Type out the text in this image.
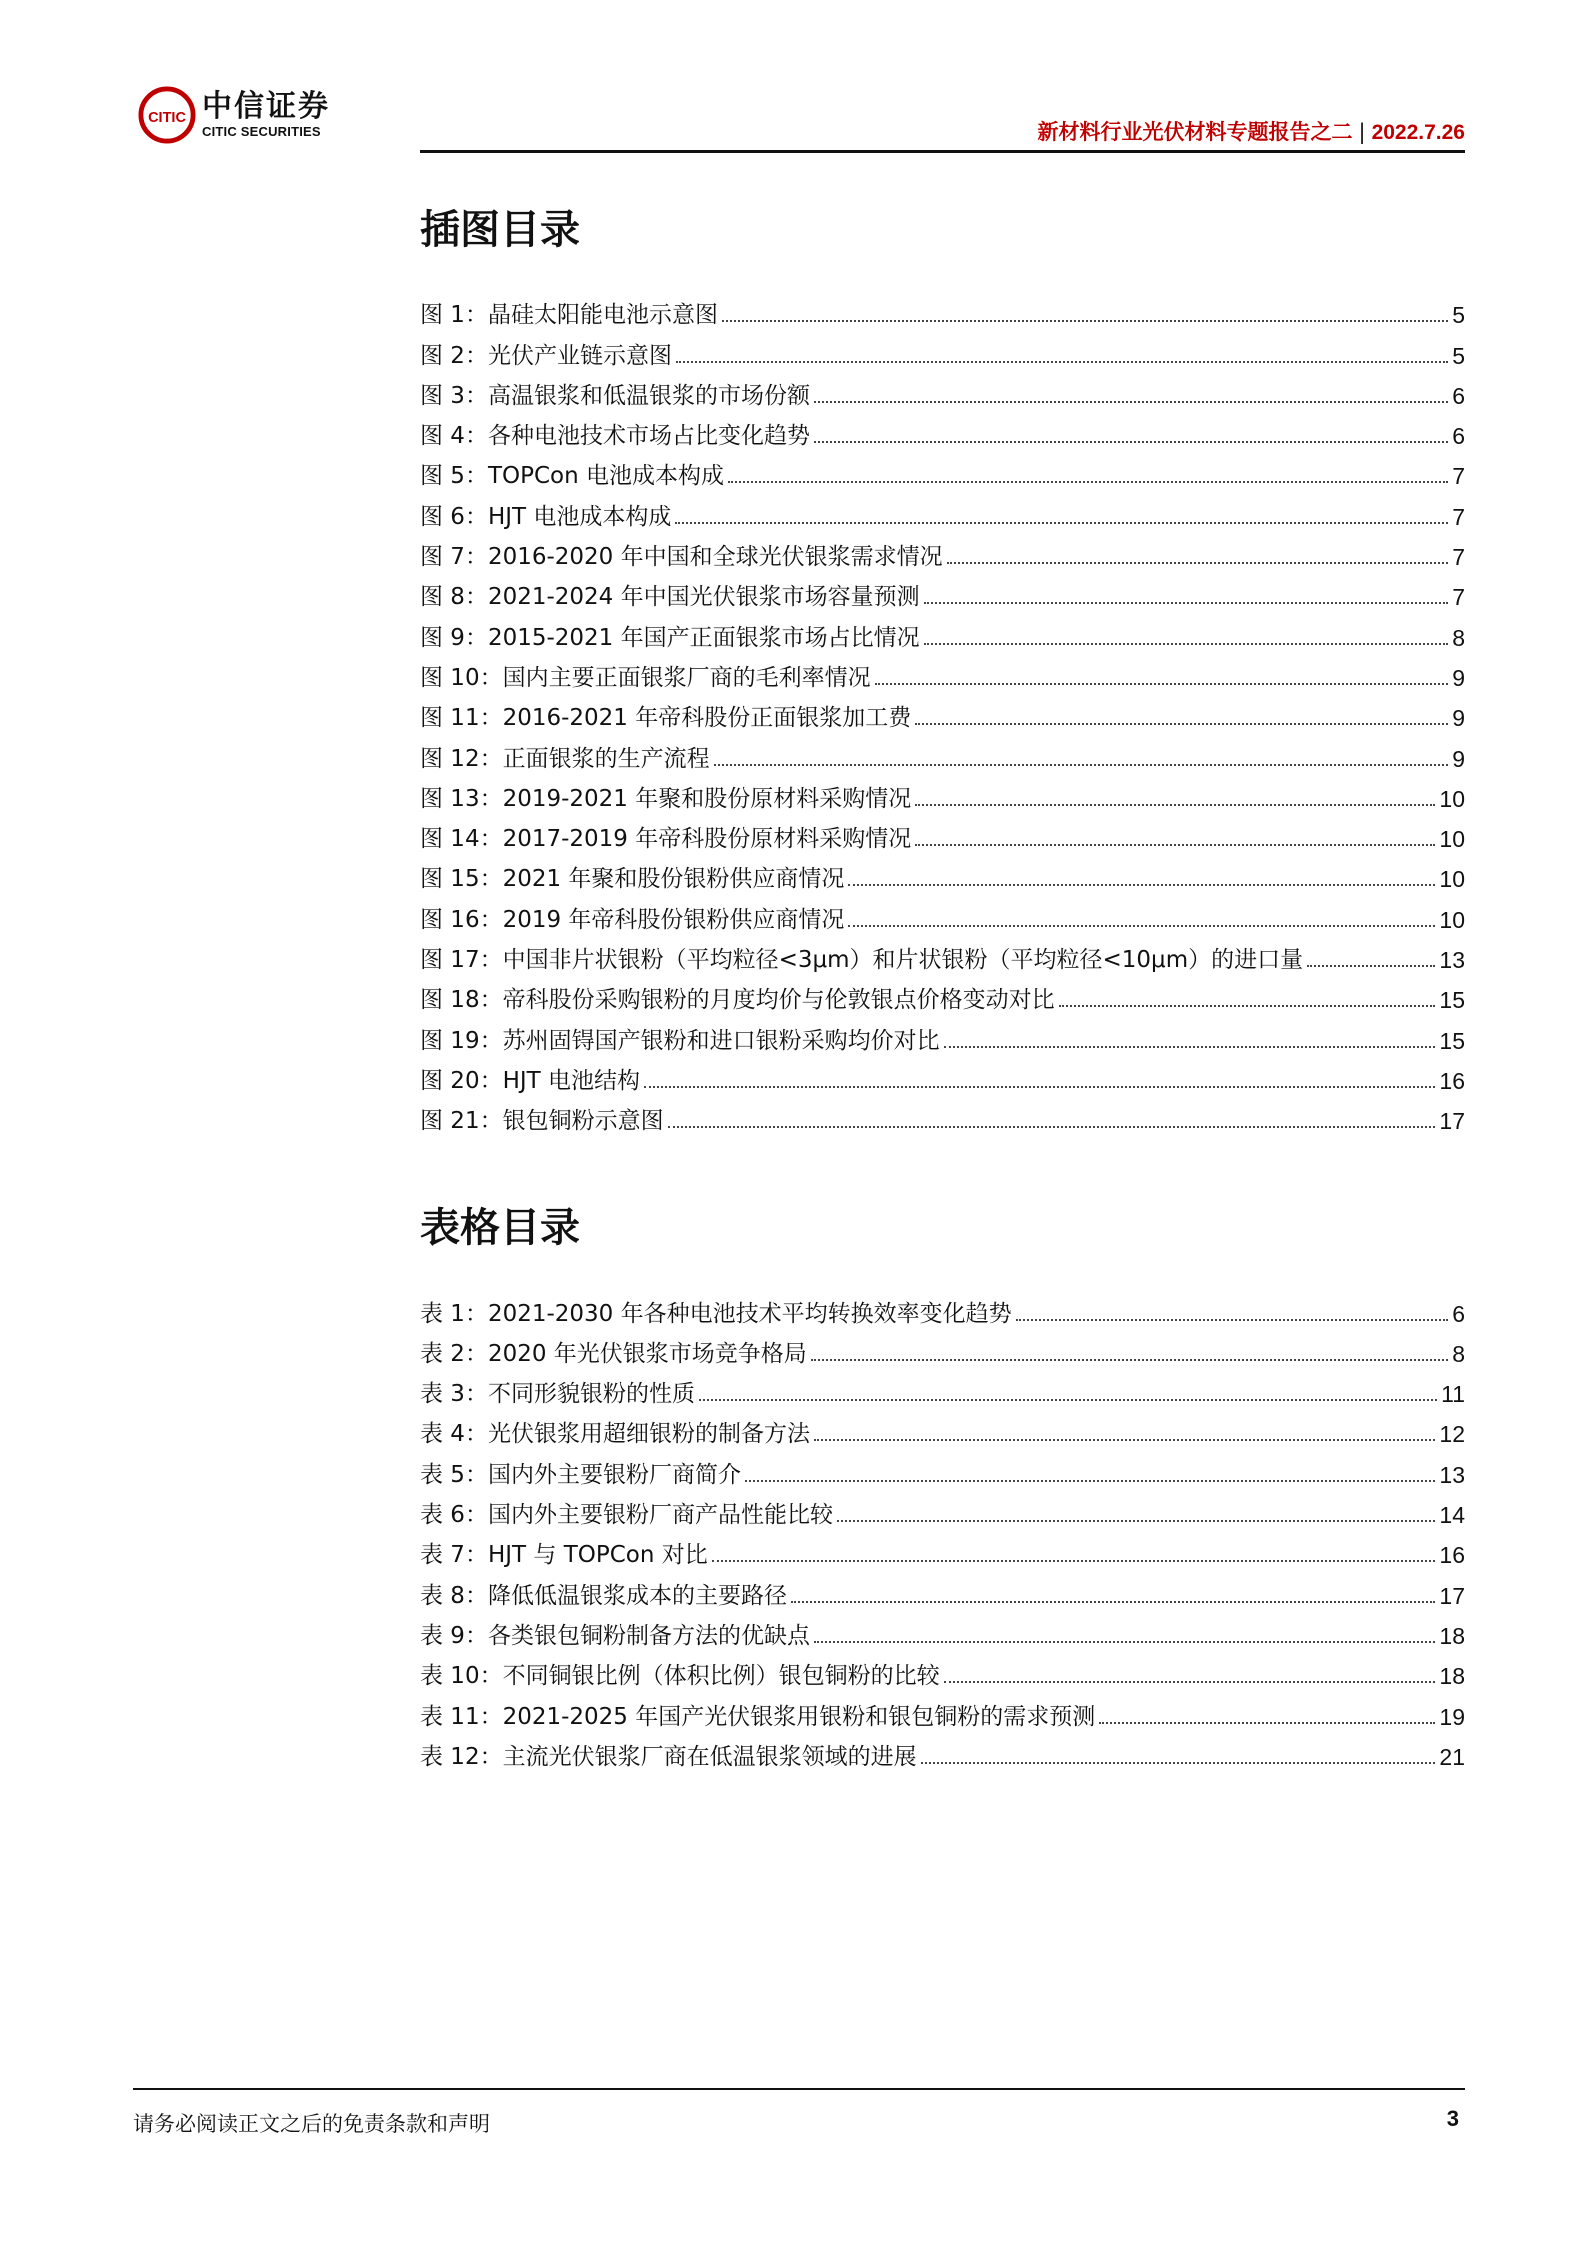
CITIC 中信证券
CITIC SECURITIES	新材料行业光伏材料专题报告之二 | 2022.7.26
插图目录
图 1：晶硅太阳能电池示意图	5
图 2：光伏产业链示意图	5
图 3：高温银浆和低温银浆的市场份额	6
图 4：各种电池技术市场占比变化趋势	6
图 5：TOPCon 电池成本构成	7
图 6：HJT 电池成本构成	7
图 7：2016-2020 年中国和全球光伏银浆需求情况	7
图 8：2021-2024 年中国光伏银浆市场容量预测	7
图 9：2015-2021 年国产正面银浆市场占比情况	8
图 10：国内主要正面银浆厂商的毛利率情况	9
图 11：2016-2021 年帝科股份正面银浆加工费	9
图 12：正面银浆的生产流程	9
图 13：2019-2021 年聚和股份原材料采购情况	10
图 14：2017-2019 年帝科股份原材料采购情况	10
图 15：2021 年聚和股份银粉供应商情况	10
图 16：2019 年帝科股份银粉供应商情况	10
图 17：中国非片状银粉（平均粒径<3μm）和片状银粉（平均粒径<10μm）的进口量	13
图 18：帝科股份采购银粉的月度均价与伦敦银点价格变动对比	15
图 19：苏州固锝国产银粉和进口银粉采购均价对比	15
图 20：HJT 电池结构	16
图 21：银包铜粉示意图	17
表格目录
表 1：2021-2030 年各种电池技术平均转换效率变化趋势	6
表 2：2020 年光伏银浆市场竞争格局	8
表 3：不同形貌银粉的性质	11
表 4：光伏银浆用超细银粉的制备方法	12
表 5：国内外主要银粉厂商简介	13
表 6：国内外主要银粉厂商产品性能比较	14
表 7：HJT 与 TOPCon 对比	16
表 8：降低低温银浆成本的主要路径	17
表 9：各类银包铜粉制备方法的优缺点	18
表 10：不同铜银比例（体积比例）银包铜粉的比较	18
表 11：2021-2025 年国产光伏银浆用银粉和银包铜粉的需求预测	19
表 12：主流光伏银浆厂商在低温银浆领域的进展	21
请务必阅读正文之后的免责条款和声明	3
